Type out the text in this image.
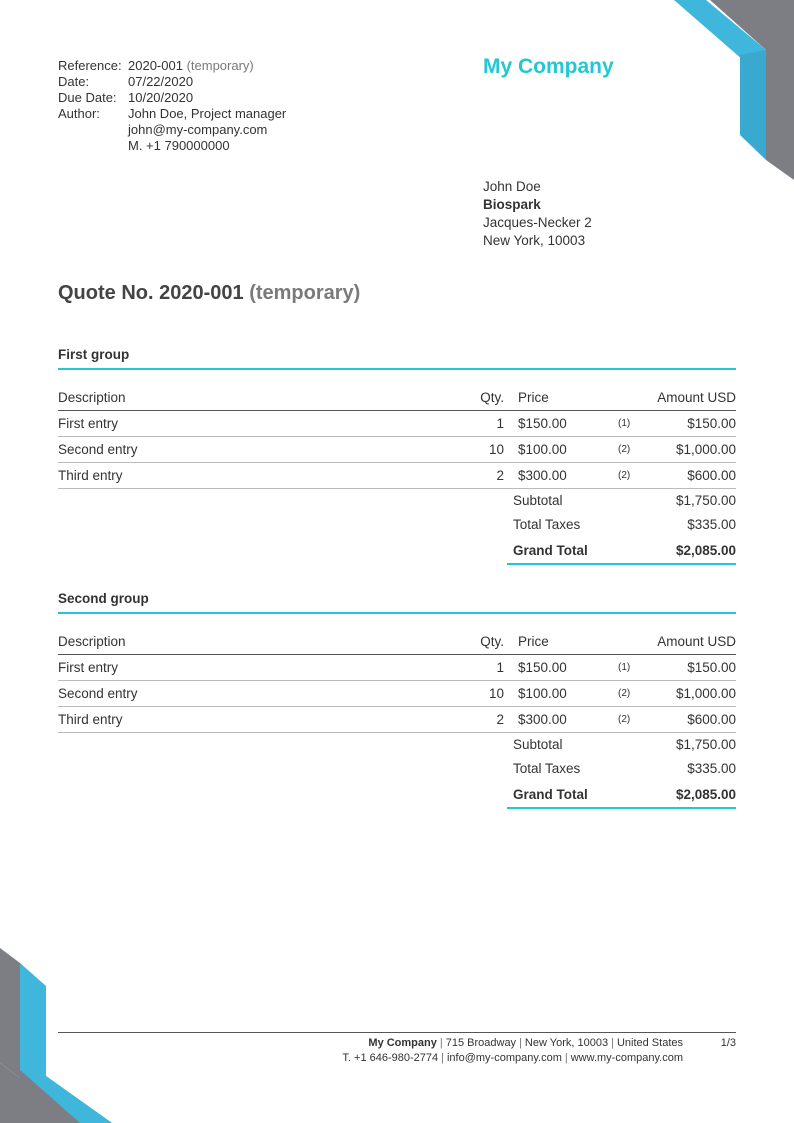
Reference: 2020-001 (temporary)
Date:	07/22/2020
Due Date: 10/20/2020
Author:	John Doe, Project manager
john@my-company.com
M. +1 790000000
My Company
John Doe
Biospark
Jacques-Necker 2
New York, 10003
Quote No. 2020-001 (temporary)
First group
Description	Qty.	Price		Amount USD
First entry	1	$150.00	(1)	$150.00
Second entry	10	$100.00	(2)	$1,000.00
Third entry	2	$300.00	(2)	$600.00
Subtotal	$1,750.00
Total Taxes	$335.00
Grand Total	$2,085.00
Second group
Description	Qty.	Price		Amount USD
First entry	1	$150.00	(1)	$150.00
Second entry	10	$100.00	(2)	$1,000.00
Third entry	2	$300.00	(2)	$600.00
Subtotal	$1,750.00
Total Taxes	$335.00
Grand Total	$2,085.00
My Company | 715 Broadway | New York, 10003 | United States
T. +1 646-980-2774 | info@my-company.com | www.my-company.com
1/3
